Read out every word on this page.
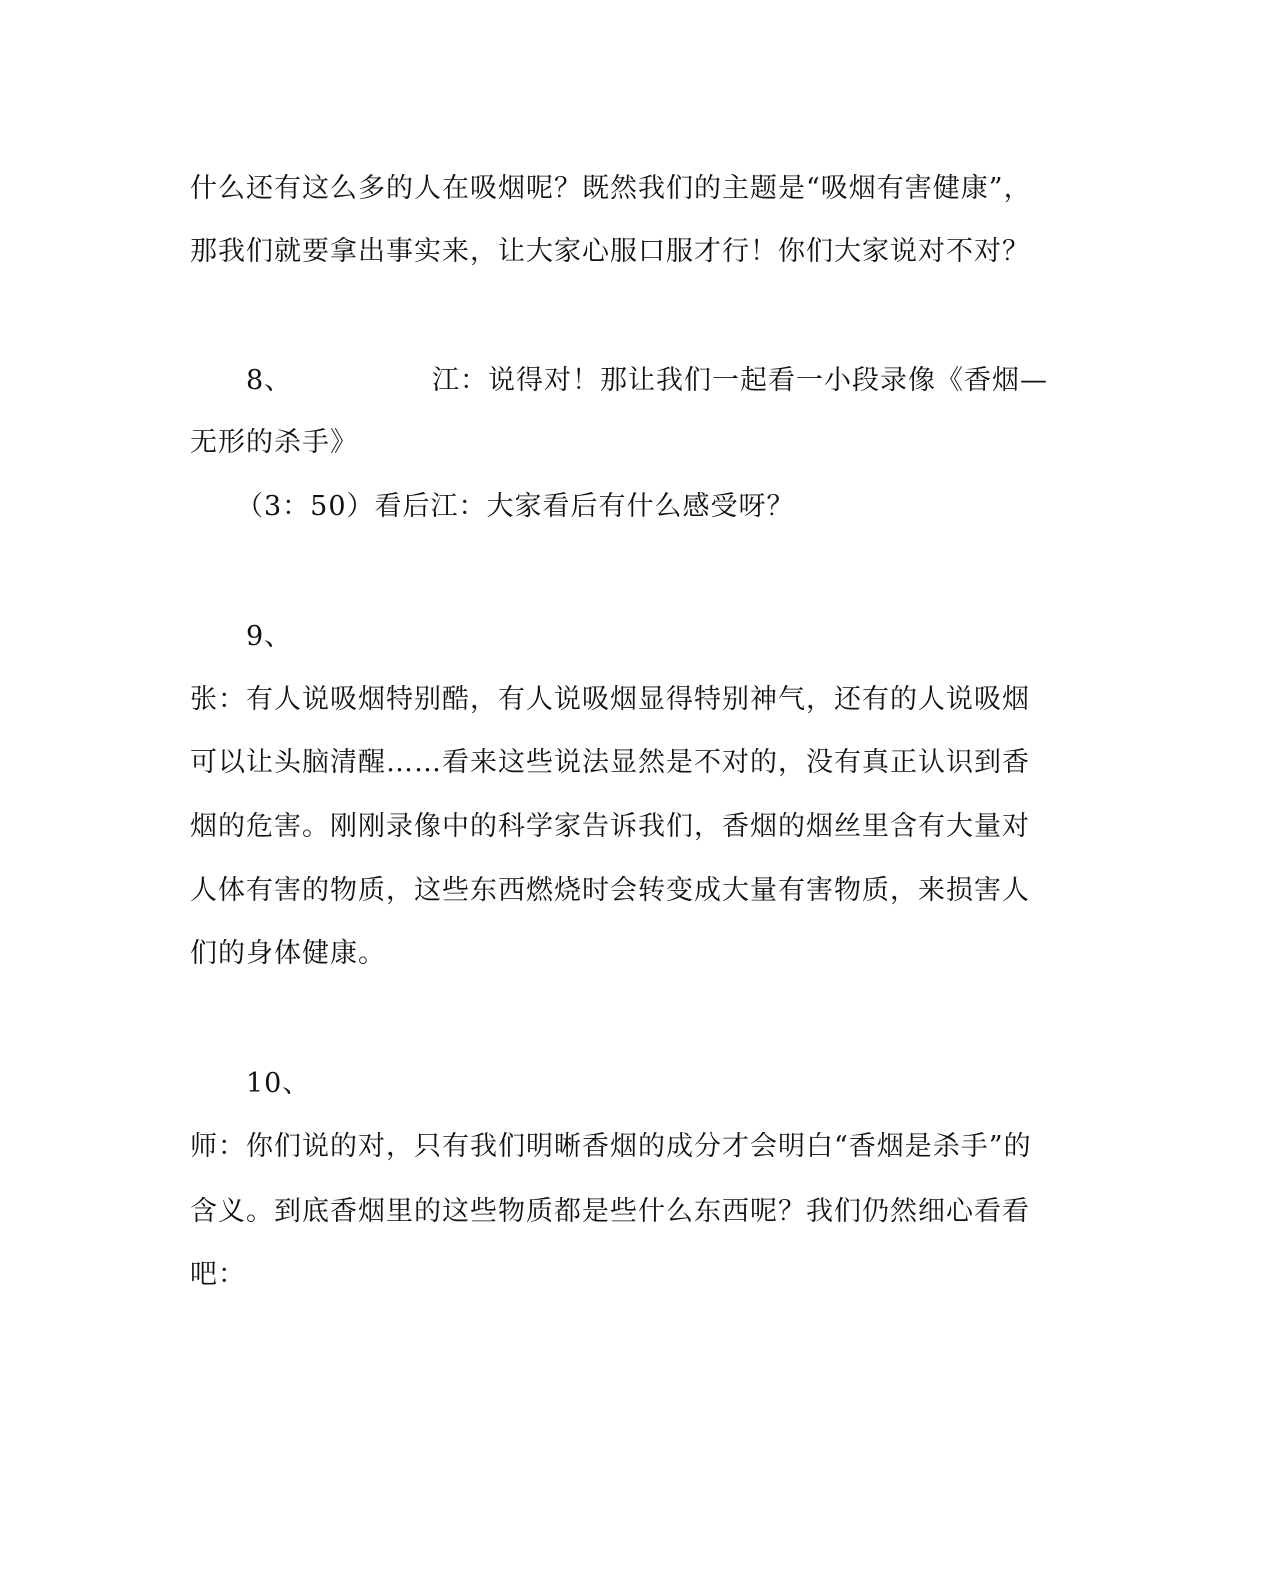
什么还有这么多的人在吸烟呢？既然我们的主题是“吸烟有害健康”，
那我们就要拿出事实来，让大家心服口服才行！你们大家说对不对？
8、	江：说得对！那让我们一起看一小段录像《香烟—
无形的杀手》
（3：50）看后江：大家看后有什么感受呀？
9、
张：有人说吸烟特别酷，有人说吸烟显得特别神气，还有的人说吸烟
可以让头脑清醒……看来这些说法显然是不对的，没有真正认识到香
烟的危害。刚刚录像中的科学家告诉我们，香烟的烟丝里含有大量对
人体有害的物质，这些东西燃烧时会转变成大量有害物质，来损害人
们的身体健康。
10、
师：你们说的对，只有我们明晰香烟的成分才会明白“香烟是杀手”的
含义。到底香烟里的这些物质都是些什么东西呢？我们仍然细心看看
吧：
